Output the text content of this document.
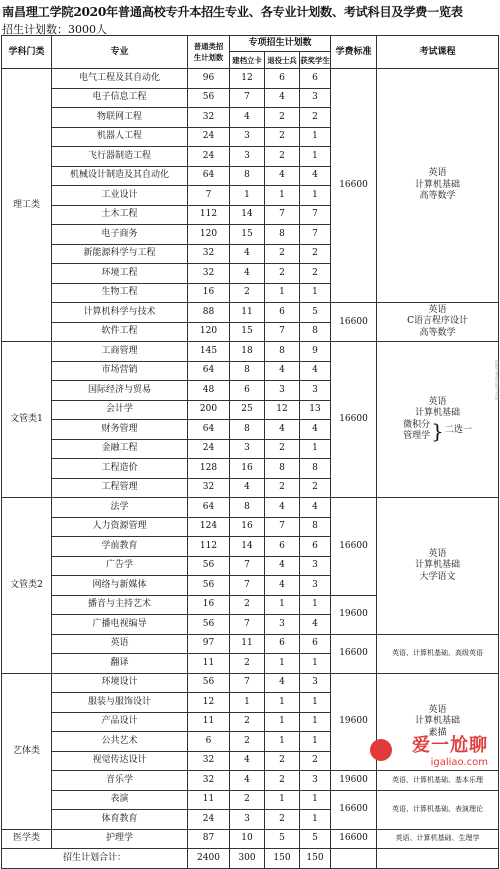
南昌理工学院2020年普通高校专升本招生专业、各专业计划数、考试科目及学费一览表
招生计划数：3000人
学科门类	专业	普通类招
生计划数	专项招生计划数			学费标准	考试课程
			建档立卡	退役士兵	获奖学生		
理工类	电气工程及其自动化	96	12	6	6	16600	英语
计算机基础
高等数学
	电子信息工程	56	7	4	3		
	物联网工程	32	4	2	2		
	机器人工程	24	3	2	1		
	飞行器制造工程	24	3	2	1		
	机械设计制造及其自动化	64	8	4	4		
	工业设计	7	1	1	1		
	土木工程	112	14	7	7		
	电子商务	120	15	8	7		
	新能源科学与工程	32	4	2	2		
	环境工程	32	4	2	2		
	生物工程	16	2	1	1		
	计算机科学与技术	88	11	6	5	16600	英语
C语言程序设计
高等数学
	软件工程	120	15	7	8		
文管类1	工商管理	145	18	8	9	16600	英语
计算机基础
微积分
管理学}二选一
	市场营销	64	8	4	4		
	国际经济与贸易	48	6	3	3		
	会计学	200	25	12	13		
	财务管理	64	8	4	4		
	金融工程	24	3	2	1		
	工程造价	128	16	8	8		
	工程管理	32	4	2	2		
文管类2	法学	64	8	4	4	16600	英语
计算机基础
大学语文
	人力资源管理	124	16	7	8		
	学前教育	112	14	6	6		
	广告学	56	7	4	3		
	网络与新媒体	56	7	4	3		
	播音与主持艺术	16	2	1	1	19600	
	广播电视编导	56	7	3	4		
	英语	97	11	6	6	16600	英语、计算机基础、高级英语
	翻译	11	2	1	1		
艺体类	环境设计	56	7	4	3	19600	英语
计算机基础
素描
	服装与服饰设计	12	1	1	1		
	产品设计	11	2	1	1		
	公共艺术	6	2	1	1		
	视觉传达设计	32	4	2	2		
	音乐学	32	4	2	3	19600	英语、计算机基础、基本乐理
	表演	11	2	1	1	16600	英语、计算机基础、表演理论
	体育教育	24	3	2	1		
医学类	护理学	87	10	5	5	16600	英语、计算机基础、生理学
招生计划合计：		2400	300	150	150		
搜狐号@南昌理工学院
爱一尬聊
igaliao.com
